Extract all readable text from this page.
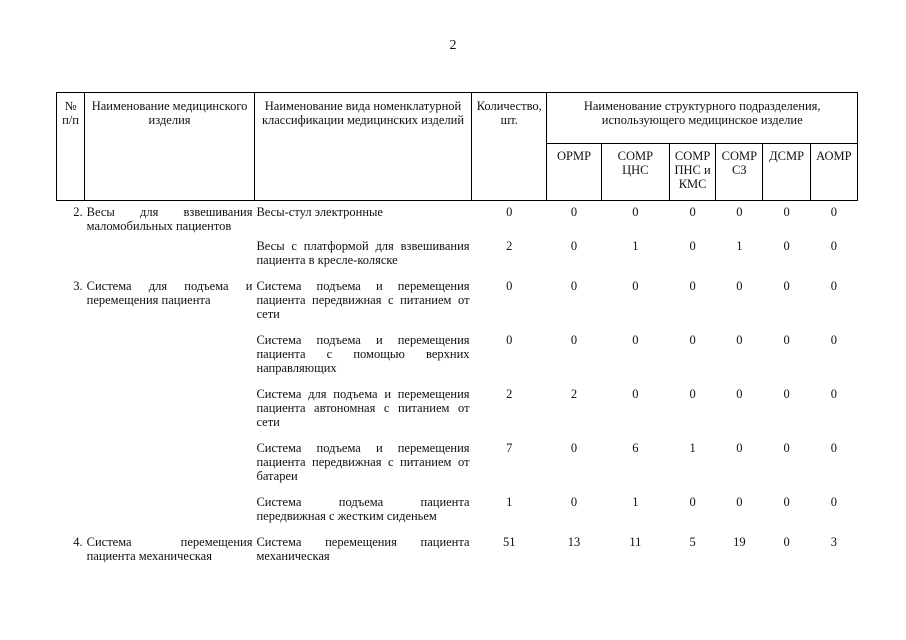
2
№ п/п	Наименование медицинского изделия	Наименование вида номенклатурной классификации медицинских изделий	Количество, шт.	Наименование структурного подразделения, использующего медицинское изделие					
				ОРМР	СОМР ЦНС	СОМР ПНС и КМС	СОМР СЗ	ДСМР	АОМР

2.	Весы для взвешивания маломобильных пациентов	Весы-стул электронные	0	0	0	0	0	0	0

		Весы с платформой для взвешивания пациента в кресле-коляске	2	0	1	0	1	0	0

3.	Система для подъема и перемещения пациента	Система подъема и перемещения пациента передвижная с питанием от сети	0	0	0	0	0	0	0

		Система подъема и перемещения пациента с помощью верхних направляющих	0	0	0	0	0	0	0

		Система для подъема и перемещения пациента автономная с питанием от сети	2	2	0	0	0	0	0

		Система подъема и перемещения пациента передвижная с питанием от батареи	7	0	6	1	0	0	0

		Система подъема пациента передвижная с жестким сиденьем	1	0	1	0	0	0	0

4.	Система перемещения пациента механическая	Система перемещения пациента механическая	51	13	11	5	19	0	3
